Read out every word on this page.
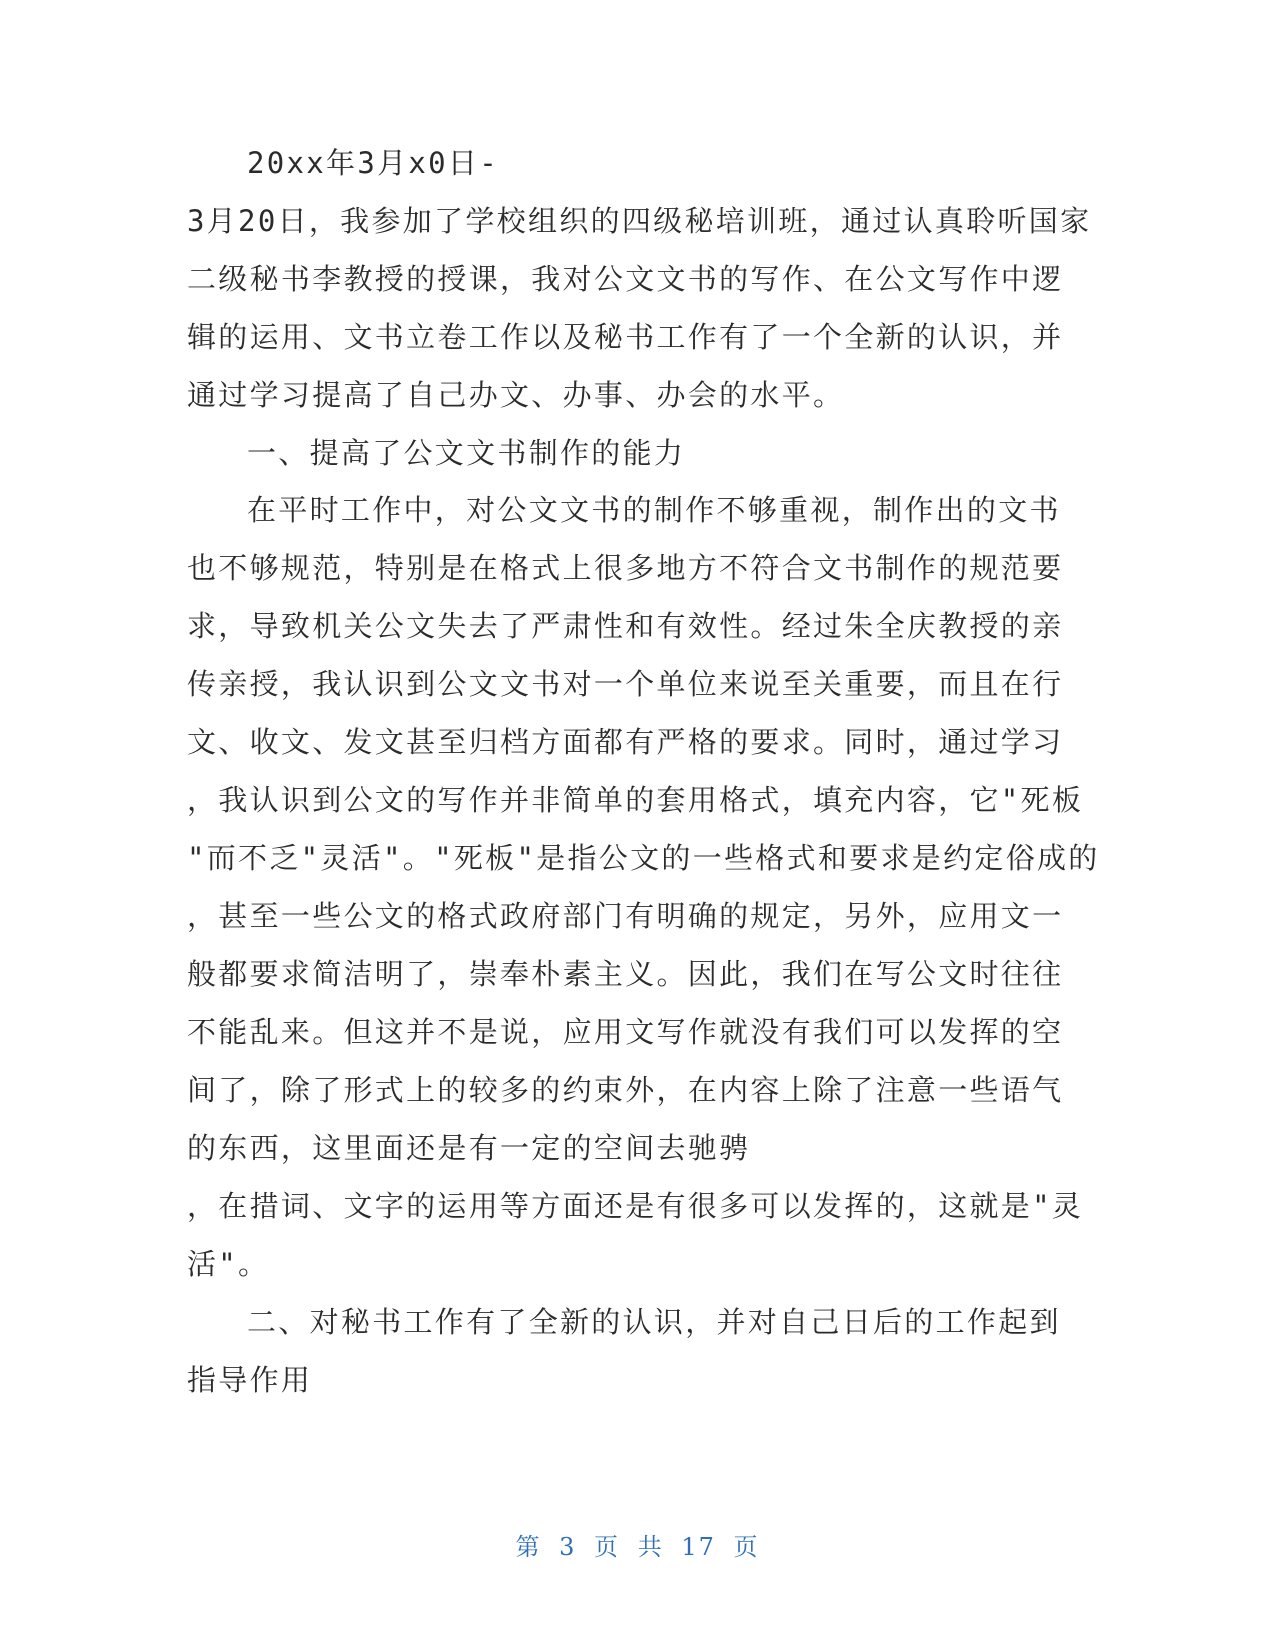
20xx年3月x0日-
3月20日，我参加了学校组织的四级秘培训班，通过认真聆听国家
二级秘书李教授的授课，我对公文文书的写作、在公文写作中逻
辑的运用、文书立卷工作以及秘书工作有了一个全新的认识，并
通过学习提高了自己办文、办事、办会的水平。
一、提高了公文文书制作的能力
在平时工作中，对公文文书的制作不够重视，制作出的文书
也不够规范，特别是在格式上很多地方不符合文书制作的规范要
求，导致机关公文失去了严肃性和有效性。经过朱全庆教授的亲
传亲授，我认识到公文文书对一个单位来说至关重要，而且在行
文、收文、发文甚至归档方面都有严格的要求。同时，通过学习
，我认识到公文的写作并非简单的套用格式，填充内容，它"死板
"而不乏"灵活"。"死板"是指公文的一些格式和要求是约定俗成的
，甚至一些公文的格式政府部门有明确的规定，另外，应用文一
般都要求简洁明了，崇奉朴素主义。因此，我们在写公文时往往
不能乱来。但这并不是说，应用文写作就没有我们可以发挥的空
间了，除了形式上的较多的约束外，在内容上除了注意一些语气
的东西，这里面还是有一定的空间去驰骋
，在措词、文字的运用等方面还是有很多可以发挥的，这就是"灵
活"。
二、对秘书工作有了全新的认识，并对自己日后的工作起到
指导作用
第 3 页 共 17 页
